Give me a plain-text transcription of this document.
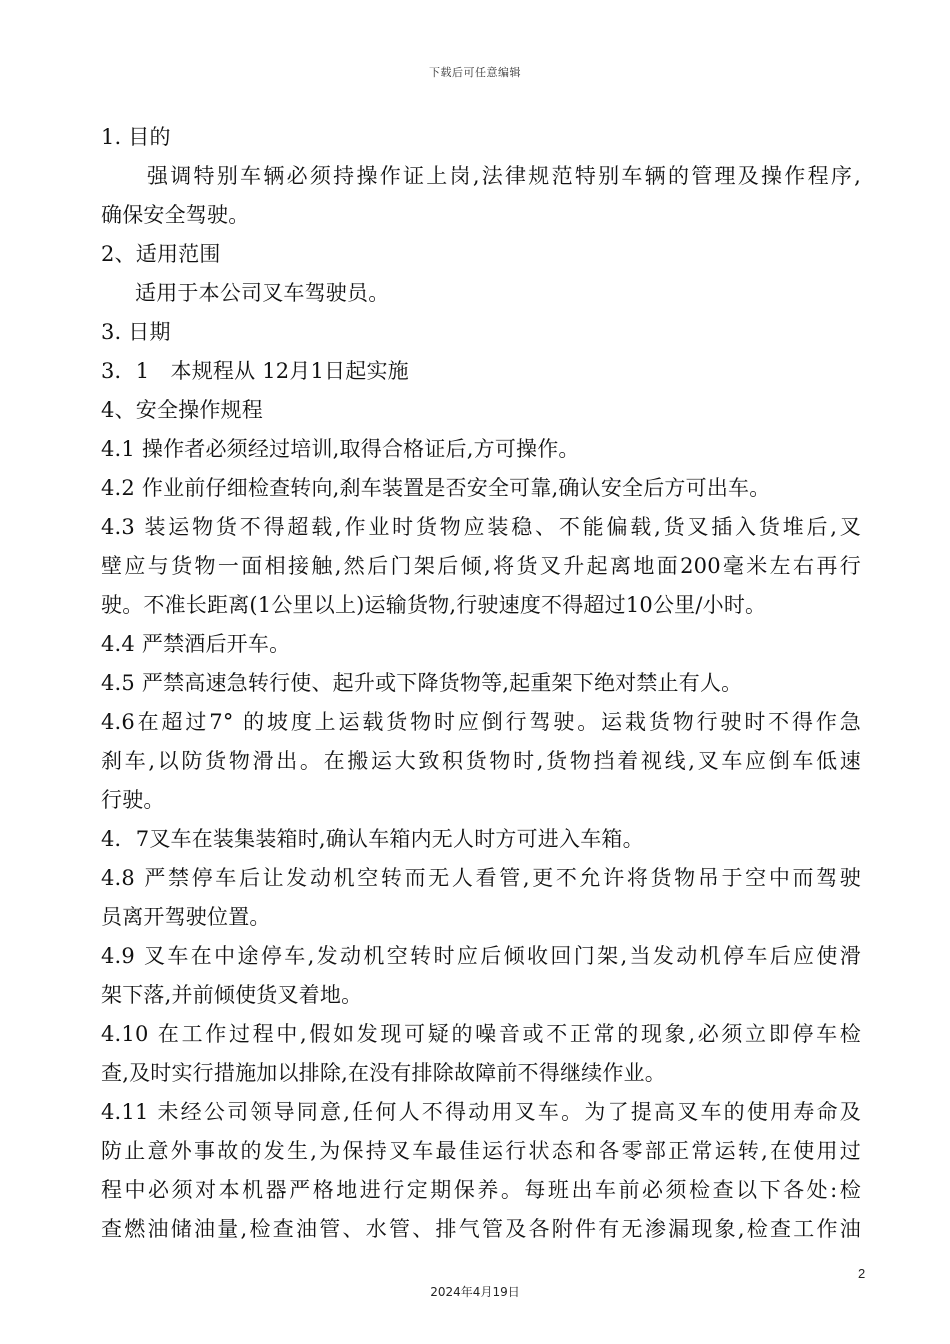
下载后可任意编辑
1. 目的
强调特别车辆必须持操作证上岗,法律规范特别车辆的管理及操作程序,
确保安全驾驶。
2、适用范围
适用于本公司叉车驾驶员。
3. 日期
3．1　本规程从 12月1日起实施
4、安全操作规程
4.1 操作者必须经过培训,取得合格证后,方可操作。
4.2 作业前仔细检查转向,刹车装置是否安全可靠,确认安全后方可出车。
4.3 装运物货不得超载,作业时货物应装稳、不能偏载,货叉插入货堆后,叉
壁应与货物一面相接触,然后门架后倾,将货叉升起离地面200毫米左右再行
驶。不准长距离(1公里以上)运输货物,行驶速度不得超过10公里/小时。
4.4 严禁酒后开车。
4.5 严禁高速急转行使、起升或下降货物等,起重架下绝对禁止有人。
4.6在超过7° 的坡度上运载货物时应倒行驾驶。运栽货物行驶时不得作急
刹车,以防货物滑出。在搬运大致积货物时,货物挡着视线,叉车应倒车低速
行驶。
4．7叉车在装集装箱时,确认车箱内无人时方可进入车箱。
4.8 严禁停车后让发动机空转而无人看管,更不允许将货物吊于空中而驾驶
员离开驾驶位置。
4.9 叉车在中途停车,发动机空转时应后倾收回门架,当发动机停车后应使滑
架下落,并前倾使货叉着地。
4.10 在工作过程中,假如发现可疑的噪音或不正常的现象,必须立即停车检
查,及时实行措施加以排除,在没有排除故障前不得继续作业。
4.11 未经公司领导同意,任何人不得动用叉车。为了提高叉车的使用寿命及
防止意外事故的发生,为保持叉车最佳运行状态和各零部正常运转,在使用过
程中必须对本机器严格地进行定期保养。每班出车前必须检查以下各处:检
查燃油储油量,检查油管、水管、排气管及各附件有无渗漏现象,检查工作油
2
2024年4月19日
